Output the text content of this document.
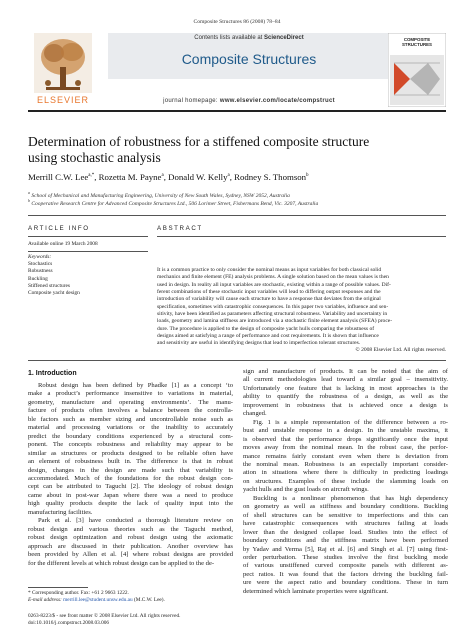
Composite Structures 86 (2008) 78–84
Contents lists available at ScienceDirect
Composite Structures
ELSEVIER
COMPOSITE STRUCTURES
journal homepage: www.elsevier.com/locate/compstruct
Determination of robustness for a stiffened composite structure
using stochastic analysis
Merrill C.W. Lee$^{a,*}$, Rozetta M. Payne$^a$, Donald W. Kelly$^a$, Rodney S. Thomson$^b$
$^a$ School of Mechanical and Manufacturing Engineering, University of New South Wales, Sydney, NSW 2052, Australia
$^b$ Cooperative Research Centre for Advanced Composite Structures Ltd., 506 Lorimer Street, Fishermans Bend, Vic. 3207, Australia
ARTICLE INFO	ABSTRACT
Available online 19 March 2008
Keywords:
Stochastics
Robustness
Buckling
Stiffened structures
Composite yacht design
It is a common practice to only consider the nominal means as input variables for both classical solid
mechanics and finite element (FE) analysis problems. A single solution based on the mean values is then
used in design. In reality all input variables are stochastic, existing within a range of possible values. Dif-
ferent combinations of these stochastic input variables will lead to differing output responses and the
introduction of variability will cause each structure to have a response that deviates from the original
specification, sometimes with catastrophic consequences. In this paper two variables, influence and sen-
sitivity, have been identified as parameters affecting structural robustness. Variability and uncertainty in
loads, geometry and lamina stiffness are introduced via a stochastic finite element analysis (SFEA) proce-
dure. The procedure is applied to the design of composite yacht hulls comparing the robustness of
designs aimed at satisfying a range of performance and cost requirements. It is shown that influence
and sensitivity are useful in identifying designs that lead to imperfection tolerant structures.
© 2008 Elsevier Ltd. All rights reserved.
1. Introduction
Robust design has been defined by Phadke [1] as a concept ‘to
make a product’s performance insensitive to variations in material,
geometry, manufacture and operating environments’. The manu-
facture of products often involves a balance between the controlla-
ble factors such as member sizing and uncontrollable noise such as
material and processing variations or the inability to accurately
predict the boundary conditions experienced by a structural com-
ponent. The concepts robustness and reliability may appear to be
similar as structures or products designed to be reliable often have
an element of robustness built in. The difference is that in robust
design, changes in the design are made such that variability is
accommodated. Much of the foundations for the robust design con-
cept can be attributed to Taguchi [2]. The ideology of robust design
came about in post-war Japan where there was a need to produce
high quality products despite the lack of quality input into the
manufacturing facilities.
Park et al. [3] have conducted a thorough literature review on
robust design and various theories such as the Taguchi method,
robust design optimization and robust design using the axiomatic
approach are discussed in their publication. Another overview has
been provided by Allen et al. [4] where robust designs are provided
for the different levels at which robust design can be applied to the de-
sign and manufacture of products. It can be noted that the aim of
all current methodologies lead toward a similar goal – insensitivity.
Unfortunately one feature that is lacking in most approaches is the
ability to quantify the robustness of a design, as well as the
improvement in robustness that is achieved once a design is
changed.
Fig. 1 is a simple representation of the difference between a ro-
bust and unstable response in a design. In the unstable maxima, it
is observed that the performance drops significantly once the input
moves away from the nominal mean. In the robust case, the perfor-
mance remains fairly constant even when there is deviation from
the nominal mean. Robustness is an especially important consider-
ation in situations where there is difficulty in predicting loadings
on structures. Examples of these include the slamming loads on
yacht hulls and the gust loads on aircraft wings.
Buckling is a nonlinear phenomenon that has high dependency
on geometry as well as stiffness and boundary conditions. Buckling
of shell structures can be sensitive to imperfections and this can
have catastrophic consequences with structures failing at loads
lower than the designed collapse load. Studies into the effect of
boundary conditions and the stiffness matrix have been performed
by Yadav and Verma [5], Raj et al. [6] and Singh et al. [7] using first-
order perturbation. These studies involve the first buckling mode
of various unstiffened curved composite panels with different as-
pect ratios. It was found that the factors driving the buckling fail-
ure were the aspect ratio and boundary conditions. These in turn
determined which laminate properties were significant.
* Corresponding author. Fax: +61 2 9663 1222.
E-mail address: merrill.lee@student.unsw.edu.au (M.C.W. Lee).
0263-8223/$ - see front matter © 2008 Elsevier Ltd. All rights reserved.
doi:10.1016/j.compstruct.2008.03.006
